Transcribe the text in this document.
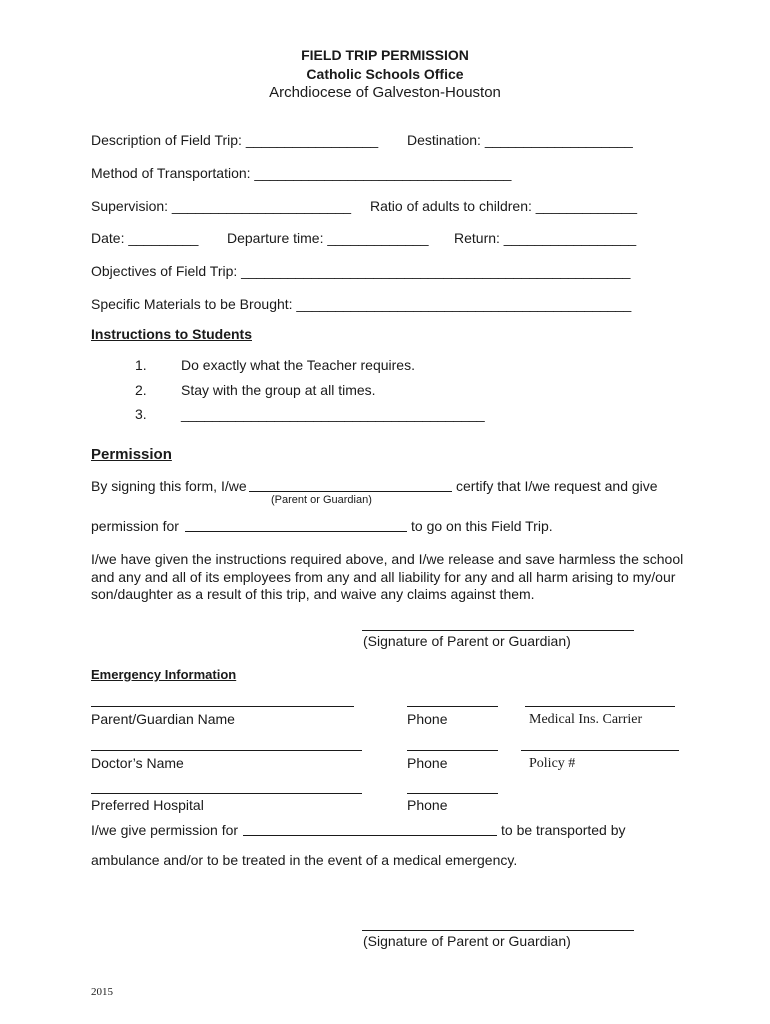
FIELD TRIP PERMISSION
Catholic Schools Office
Archdiocese of Galveston-Houston
Description of Field Trip: _________________ Destination: ___________________
Method of Transportation: _________________________________
Supervision: _______________________ Ratio of adults to children: _____________
Date: _________ Departure time: _____________ Return: _________________
Objectives of Field Trip: __________________________________________________
Specific Materials to be Brought: ___________________________________________
Instructions to Students
1. Do exactly what the Teacher requires.
2. Stay with the group at all times.
3. _______________________________________
Permission
By signing this form, I/we	certify that I/we request and give
(Parent or Guardian)
permission for	to go on this Field Trip.
I/we have given the instructions required above, and I/we release and save harmless the school
and any and all of its employees from any and all liability for any and all harm arising to my/our
son/daughter as a result of this trip, and waive any claims against them.
(Signature of Parent or Guardian)
Emergency Information
Parent/Guardian Name	Phone	Medical Ins. Carrier
Doctor’s Name	Phone	Policy #
Preferred Hospital	Phone
I/we give permission for	to be transported by
ambulance and/or to be treated in the event of a medical emergency.
(Signature of Parent or Guardian)
2015
